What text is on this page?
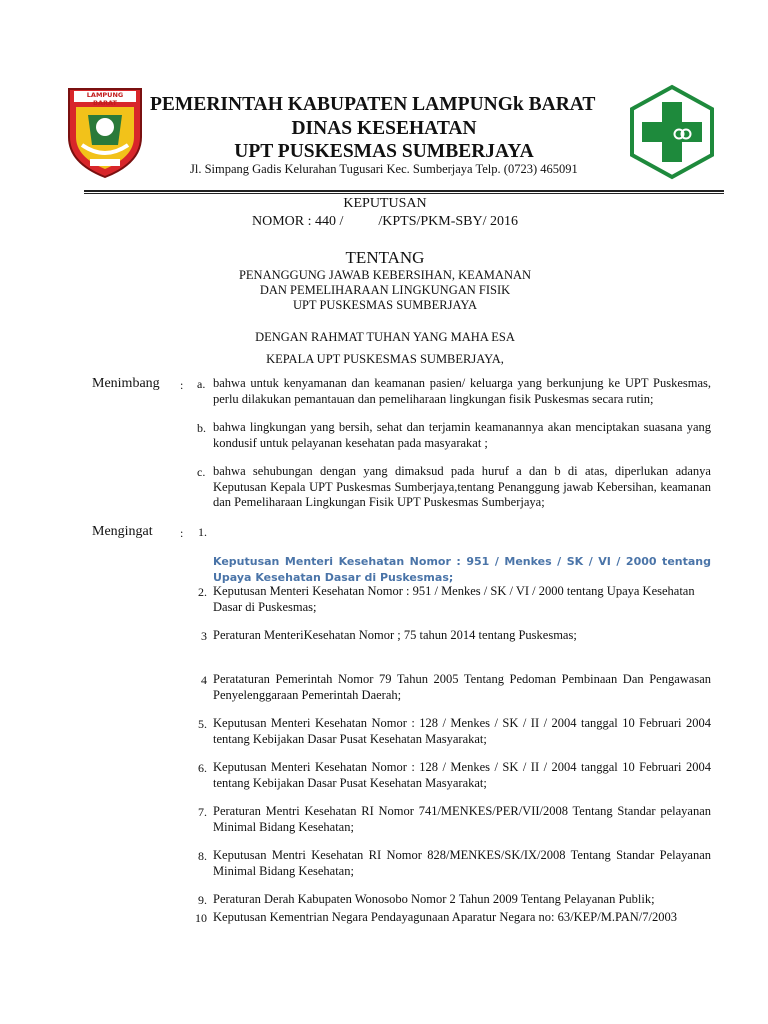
LAMPUNG BARAT	PEMERINTAH KABUPATEN LAMPUNGk BARAT
DINAS KESEHATAN
UPT PUSKESMAS SUMBERJAYA
Jl. Simpang Gadis Kelurahan Tugusari Kec. Sumberjaya Telp. (0723) 465091
KEPUTUSAN
NOMOR : 440 /          /KPTS/PKM-SBY/ 2016
TENTANG
PENANGGUNG JAWAB KEBERSIHAN, KEAMANAN
DAN PEMELIHARAAN LINGKUNGAN FISIK
UPT PUSKESMAS SUMBERJAYA
DENGAN RAHMAT TUHAN YANG MAHA ESA
KEPALA UPT PUSKESMAS SUMBERJAYA,
Menimbang : a. bahwa untuk kenyamanan dan keamanan pasien/ keluarga yang berkunjung ke UPT Puskesmas, perlu dilakukan pemantauan dan pemeliharaan lingkungan fisik Puskesmas secara rutin;
b. bahwa lingkungan yang bersih, sehat dan terjamin keamanannya akan menciptakan suasana yang kondusif untuk pelayanan kesehatan pada masyarakat ;
c. bahwa sehubungan dengan yang dimaksud pada huruf a dan b di atas, diperlukan adanya Keputusan Kepala UPT Puskesmas Sumberjaya,tentang Penanggung jawab Kebersihan, keamanan dan Pemeliharaan Lingkungan Fisik UPT Puskesmas Sumberjaya;
Mengingat :	1.
Keputusan Menteri Kesehatan Nomor : 951 / Menkes / SK / VI / 2000 tentang Upaya Kesehatan Dasar di Puskesmas;
2. Keputusan Menteri Kesehatan Nomor : 951 / Menkes / SK / VI / 2000 tentang Upaya Kesehatan Dasar di Puskesmas;
3 Peraturan MenteriKesehatan Nomor ; 75 tahun 2014 tentang Puskesmas;
4 Perataturan Pemerintah Nomor 79 Tahun 2005 Tentang Pedoman Pembinaan Dan Pengawasan Penyelenggaraan Pemerintah Daerah;
5. Keputusan Menteri Kesehatan Nomor : 128 / Menkes / SK / II / 2004 tanggal 10 Februari 2004 tentang Kebijakan Dasar Pusat Kesehatan Masyarakat;
6. Keputusan Menteri Kesehatan Nomor : 128 / Menkes / SK / II / 2004 tanggal 10 Februari 2004 tentang Kebijakan Dasar Pusat Kesehatan Masyarakat;
7. Peraturan Mentri Kesehatan RI Nomor 741/MENKES/PER/VII/2008 Tentang Standar pelayanan Minimal Bidang Kesehatan;
8. Keputusan Mentri Kesehatan RI Nomor 828/MENKES/SK/IX/2008 Tentang Standar Pelayanan Minimal Bidang Kesehatan;
9. Peraturan Derah Kabupaten Wonosobo Nomor 2 Tahun 2009 Tentang Pelayanan Publik;
10 Keputusan Kementrian Negara Pendayagunaan Aparatur Negara no: 63/KEP/M.PAN/7/2003
